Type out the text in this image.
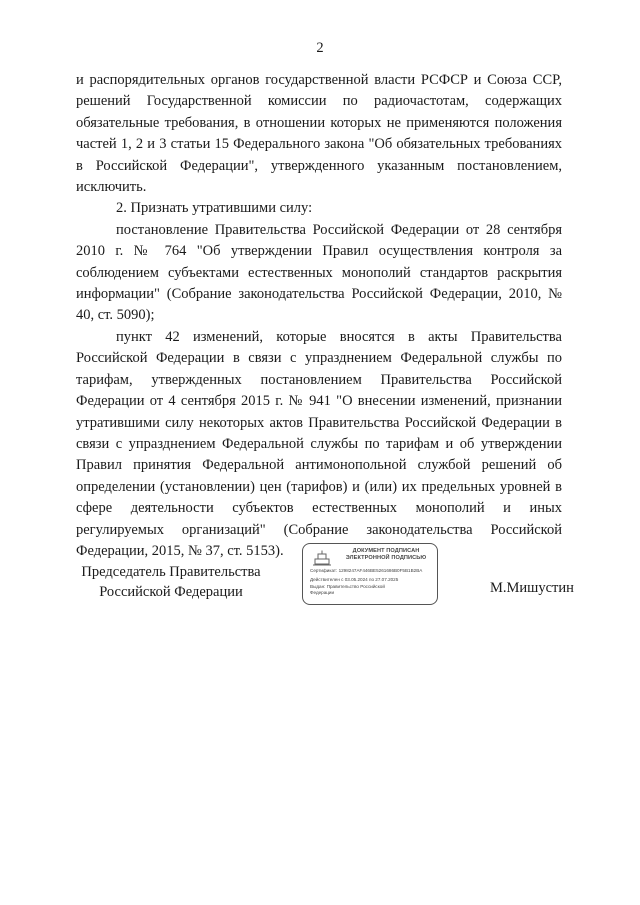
2

и распорядительных органов государственной власти РСФСР и Союза ССР, решений Государственной комиссии по радиочастотам, содержащих обязательные требования, в отношении которых не применяются положения частей 1, 2 и 3 статьи 15 Федерального закона "Об обязательных требованиях в Российской Федерации", утвержденного указанным постановлением, исключить.

2. Признать утратившими силу:

постановление Правительства Российской Федерации от 28 сентября 2010 г. № 764 "Об утверждении Правил осуществления контроля за соблюдением субъектами естественных монополий стандартов раскрытия информации" (Собрание законодательства Российской Федерации, 2010, № 40, ст. 5090);

пункт 42 изменений, которые вносятся в акты Правительства Российской Федерации в связи с упразднением Федеральной службы по тарифам, утвержденных постановлением Правительства Российской Федерации от 4 сентября 2015 г. № 941 "О внесении изменений, признании утратившими силу некоторых актов Правительства Российской Федерации в связи с упразднением Федеральной службы по тарифам и об утверждении Правил принятия Федеральной антимонопольной службой решений об определении (установлении) цен (тарифов) и (или) их предельных уровней в сфере деятельности субъектов естественных монополий и иных регулируемых организаций" (Собрание законодательства Российской Федерации, 2015, № 37, ст. 5153).

Председатель Правительства
Российской Федерации
ДОКУМЕНТ ПОДПИСАН ЭЛЕКТРОННОЙ ПОДПИСЬЮ
Сертификат: 1298247AF446BE5261686B0F5B1B2BA
Действителен с 03.05.2024 по 27.07.2025
Выдан: Правительство Российской
Федерации	М.Мишустин
